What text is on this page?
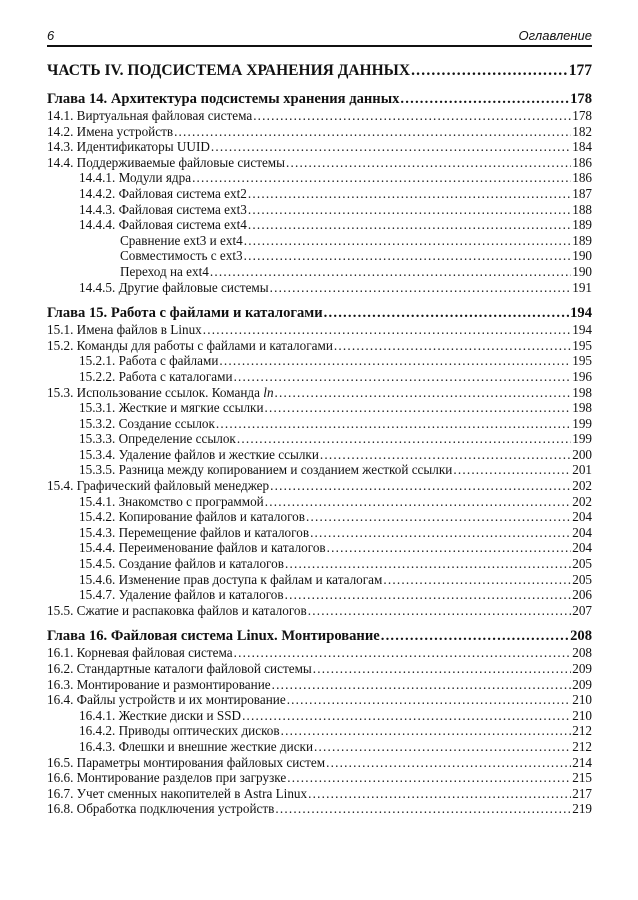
6	Оглавление
ЧАСТЬ IV. ПОДСИСТЕМА ХРАНЕНИЯ ДАННЫХ .....	177
Глава 14. Архитектура подсистемы хранения данных .....	178
14.1. Виртуальная файловая система .....	178
14.2. Имена устройств .....	182
14.3. Идентификаторы UUID .....	184
14.4. Поддерживаемые файловые системы .....	186
14.4.1. Модули ядра .....	186
14.4.2. Файловая система ext2 .....	187
14.4.3. Файловая система ext3 .....	188
14.4.4. Файловая система ext4 .....	189
Сравнение ext3 и ext4 .....	189
Совместимость с ext3 .....	190
Переход на ext4 .....	190
14.4.5. Другие файловые системы .....	191
Глава 15. Работа с файлами и каталогами .....	194
15.1. Имена файлов в Linux .....	194
15.2. Команды для работы с файлами и каталогами .....	195
15.2.1. Работа с файлами .....	195
15.2.2. Работа с каталогами .....	196
15.3. Использование ссылок. Команда ln .....	198
15.3.1. Жесткие и мягкие ссылки .....	198
15.3.2. Создание ссылок .....	199
15.3.3. Определение ссылок .....	199
15.3.4. Удаление файлов и жесткие ссылки .....	200
15.3.5. Разница между копированием и созданием жесткой ссылки .....	201
15.4. Графический файловый менеджер .....	202
15.4.1. Знакомство с программой .....	202
15.4.2. Копирование файлов и каталогов .....	204
15.4.3. Перемещение файлов и каталогов .....	204
15.4.4. Переименование файлов и каталогов .....	204
15.4.5. Создание файлов и каталогов .....	205
15.4.6. Изменение прав доступа к файлам и каталогам .....	205
15.4.7. Удаление файлов и каталогов .....	206
15.5. Сжатие и распаковка файлов и каталогов .....	207
Глава 16. Файловая система Linux. Монтирование .....	208
16.1. Корневая файловая система .....	208
16.2. Стандартные каталоги файловой системы .....	209
16.3. Монтирование и размонтирование .....	209
16.4. Файлы устройств и их монтирование .....	210
16.4.1. Жесткие диски и SSD .....	210
16.4.2. Приводы оптических дисков .....	212
16.4.3. Флешки и внешние жесткие диски .....	212
16.5. Параметры монтирования файловых систем .....	214
16.6. Монтирование разделов при загрузке .....	215
16.7. Учет сменных накопителей в Astra Linux .....	217
16.8. Обработка подключения устройств .....	219
